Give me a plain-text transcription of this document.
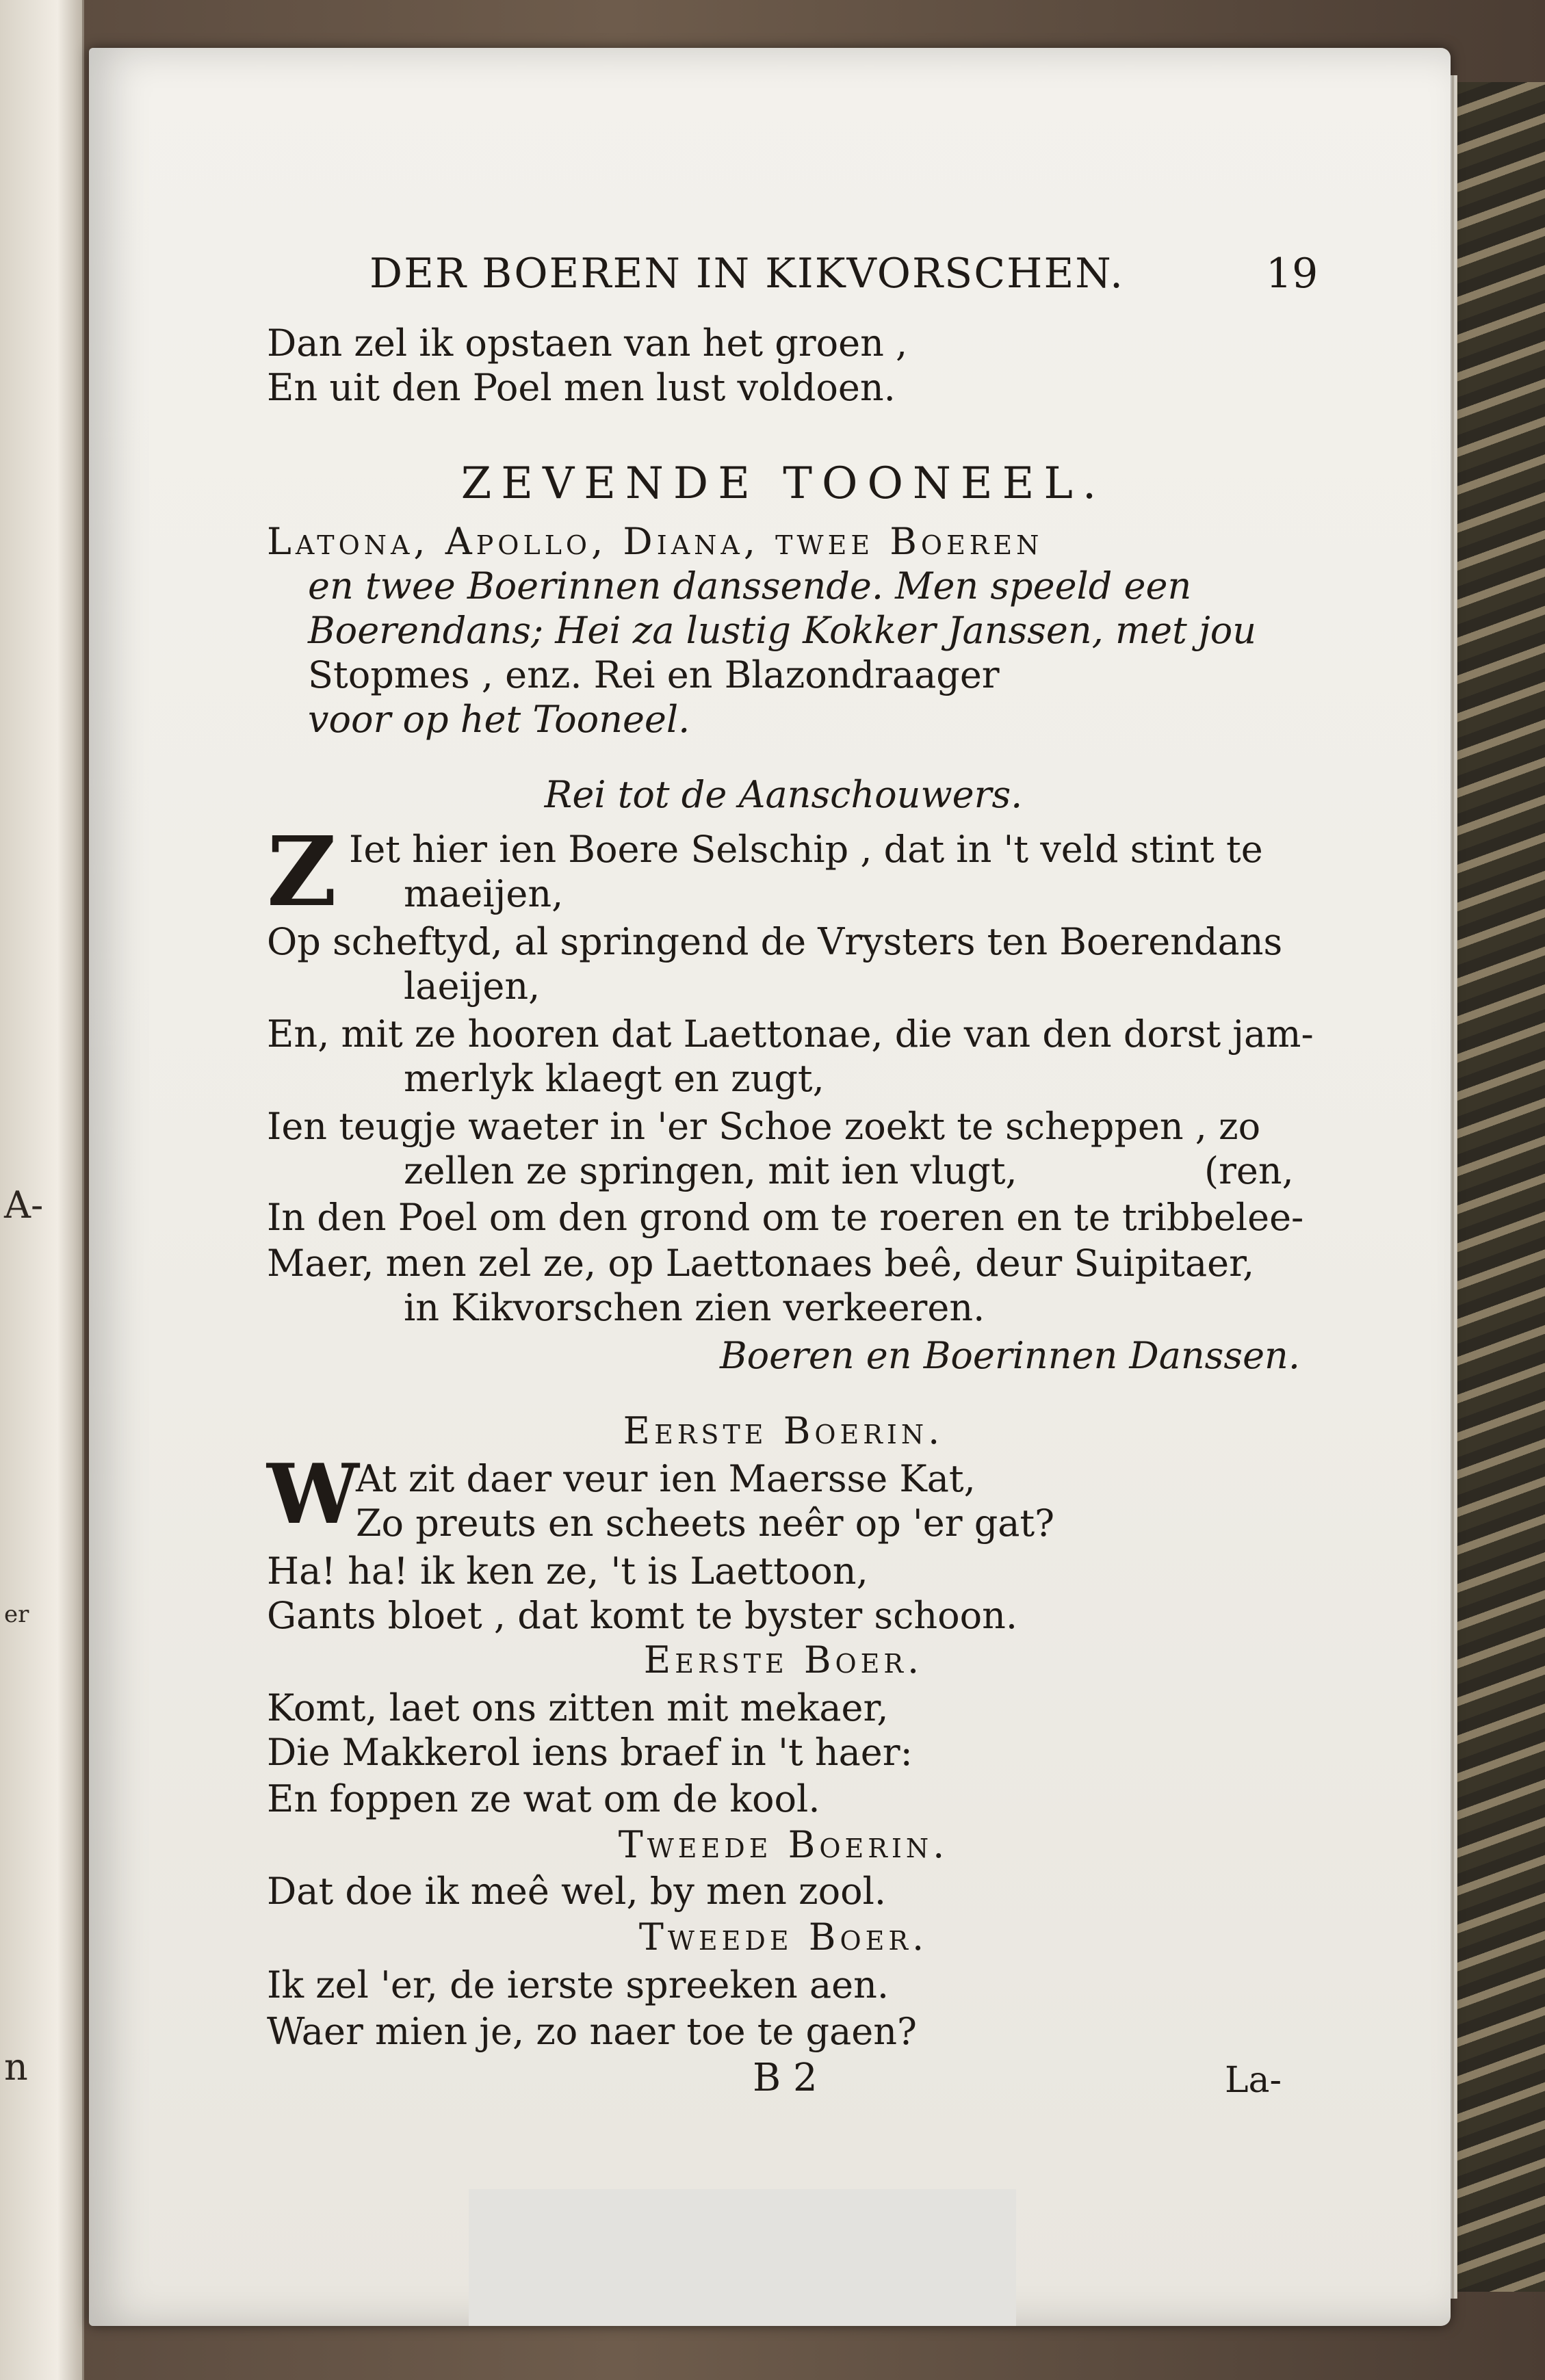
A-
er
n
DER BOEREN IN KIKVORSCHEN.	19
Dan zel ik opstaen van het groen ,
En uit den Poel men lust voldoen.
ZEVENDE TOONEEL.
Latona, Apollo, Diana, twee Boeren
en twee Boerinnen danssende. Men speeld een
Boerendans; Hei za lustig Kokker Janssen, met jou
Stopmes , enz. Rei en Blazondraager
voor op het Tooneel.
Rei tot de Aanschouwers.
Z Iet hier ien Boere Selschip , dat in 't veld stint te
maeijen,
Op scheftyd, al springend de Vrysters ten Boerendans
laeijen,
En, mit ze hooren dat Laettonae, die van den dorst jam-
merlyk klaegt en zugt,
Ien teugje waeter in 'er Schoe zoekt te scheppen , zo
zellen ze springen, mit ien vlugt,	(ren,
In den Poel om den grond om te roeren en te tribbelee-
Maer, men zel ze, op Laettonaes beê, deur Suipitaer,
in Kikvorschen zien verkeeren.
Boeren en Boerinnen Danssen.
Eerste Boerin.
W
At zit daer veur ien Maersse Kat,
Zo preuts en scheets neêr op 'er gat?
Ha! ha! ik ken ze, 't is Laettoon,
Gants bloet , dat komt te byster schoon.
Eerste Boer.
Komt, laet ons zitten mit mekaer,
Die Makkerol iens braef in 't haer:
En foppen ze wat om de kool.
Tweede Boerin.
Dat doe ik meê wel, by men zool.
Tweede Boer.
Ik zel 'er, de ierste spreeken aen.
Waer mien je, zo naer toe te gaen?
B 2	La-
